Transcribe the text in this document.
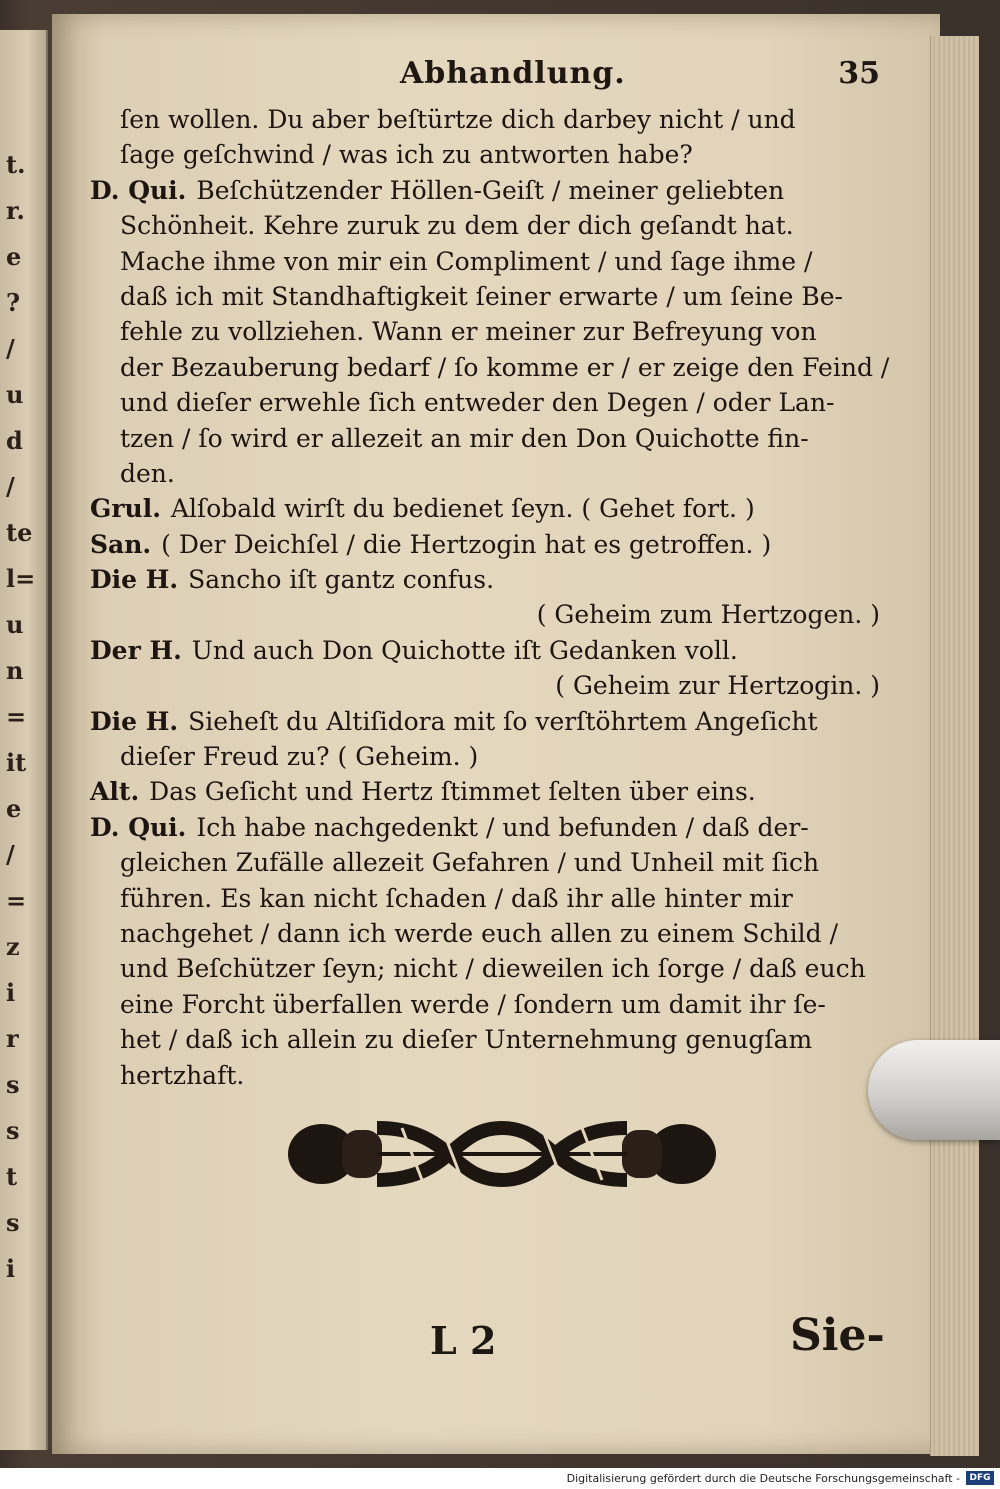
t.
r.
e
?
/
u
d
/
te
l=
u
n
=
it
e
/
=
z
i
r
s
s
t
s
i
Abhandlung.	35
ſen wollen. Du aber beſtürtze dich darbey nicht / und
ſage geſchwind / was ich zu antworten habe?
D. Qui. Beſchützender Höllen-Geiſt / meiner geliebten
Schönheit. Kehre zuruk zu dem der dich geſandt hat.
Mache ihme von mir ein Compliment / und ſage ihme /
daß ich mit Standhaftigkeit ſeiner erwarte / um ſeine Be-
fehle zu vollziehen. Wann er meiner zur Befreyung von
der Bezauberung bedarf / ſo komme er / er zeige den Feind /
und dieſer erwehle ſich entweder den Degen / oder Lan-
tzen / ſo wird er allezeit an mir den Don Quichotte fin-
den.
Grul. Alſobald wirſt du bedienet ſeyn. ( Gehet fort. )
San. ( Der Deichſel / die Hertzogin hat es getroffen. )
Die H. Sancho iſt gantz confus.
( Geheim zum Hertzogen. )
Der H. Und auch Don Quichotte iſt Gedanken voll.
( Geheim zur Hertzogin. )
Die H. Sieheſt du Altiſidora mit ſo verſtöhrtem Angeſicht
dieſer Freud zu? ( Geheim. )
Alt. Das Geſicht und Hertz ſtimmet ſelten über eins.
D. Qui. Ich habe nachgedenkt / und befunden / daß der-
gleichen Zufälle allezeit Gefahren / und Unheil mit ſich
führen. Es kan nicht ſchaden / daß ihr alle hinter mir
nachgehet / dann ich werde euch allen zu einem Schild /
und Beſchützer ſeyn; nicht / dieweilen ich ſorge / daß euch
eine Forcht überfallen werde / ſondern um damit ihr ſe-
het / daß ich allein zu dieſer Unternehmung genugſam
hertzhaft.
L 2	Sie-
Digitalisierung gefördert durch die Deutsche Forschungsgemeinschaft -	DFG
